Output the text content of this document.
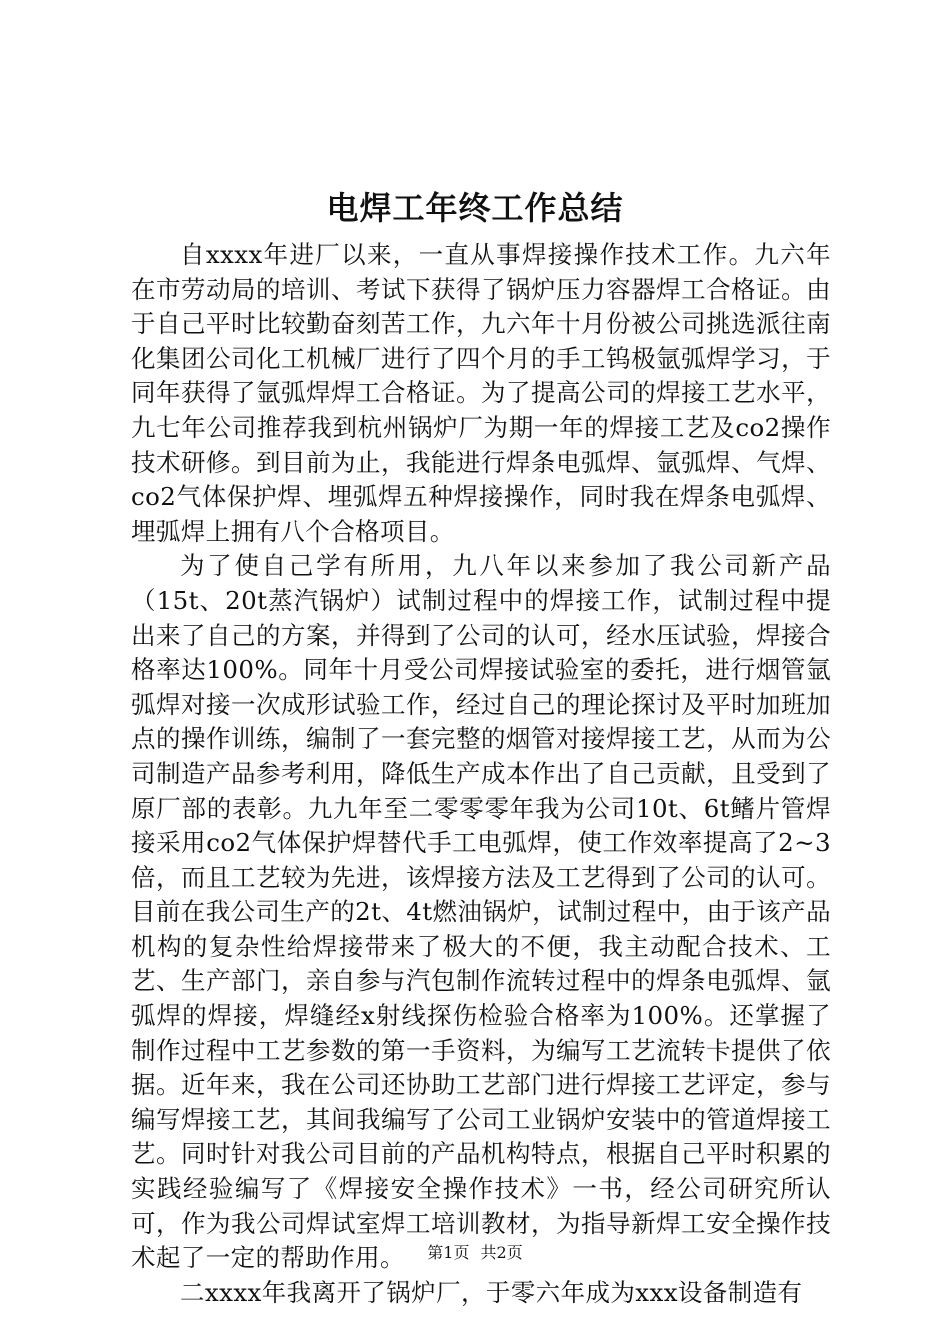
电焊工年终工作总结

自xxxx年进厂以来，一直从事焊接操作技术工作。九六年在市劳动局的培训、考试下获得了锅炉压力容器焊工合格证。由于自己平时比较勤奋刻苦工作，九六年十月份被公司挑选派往南化集团公司化工机械厂进行了四个月的手工钨极氩弧焊学习，于同年获得了氩弧焊焊工合格证。为了提高公司的焊接工艺水平，九七年公司推荐我到杭州锅炉厂为期一年的焊接工艺及co2操作技术研修。到目前为止，我能进行焊条电弧焊、氩弧焊、气焊、co2气体保护焊、埋弧焊五种焊接操作，同时我在焊条电弧焊、埋弧焊上拥有八个合格项目。

为了使自己学有所用，九八年以来参加了我公司新产品（15t、20t蒸汽锅炉）试制过程中的焊接工作，试制过程中提出来了自己的方案，并得到了公司的认可，经水压试验，焊接合格率达100%。同年十月受公司焊接试验室的委托，进行烟管氩弧焊对接一次成形试验工作，经过自己的理论探讨及平时加班加点的操作训练，编制了一套完整的烟管对接焊接工艺，从而为公司制造产品参考利用，降低生产成本作出了自己贡献，且受到了原厂部的表彰。九九年至二零零零年我为公司10t、6t鳍片管焊接采用co2气体保护焊替代手工电弧焊，使工作效率提高了2~3倍，而且工艺较为先进，该焊接方法及工艺得到了公司的认可。目前在我公司生产的2t、4t燃油锅炉，试制过程中，由于该产品机构的复杂性给焊接带来了极大的不便，我主动配合技术、工艺、生产部门，亲自参与汽包制作流转过程中的焊条电弧焊、氩弧焊的焊接，焊缝经x射线探伤检验合格率为100%。还掌握了制作过程中工艺参数的第一手资料，为编写工艺流转卡提供了依据。近年来，我在公司还协助工艺部门进行焊接工艺评定，参与编写焊接工艺，其间我编写了公司工业锅炉安装中的管道焊接工艺。同时针对我公司目前的产品机构特点，根据自己平时积累的实践经验编写了《焊接安全操作技术》一书，经公司研究所认可，作为我公司焊试室焊工培训教材，为指导新焊工安全操作技术起了一定的帮助作用。

二xxxx年我离开了锅炉厂，于零六年成为xxx设备制造有

第1页 共2页
